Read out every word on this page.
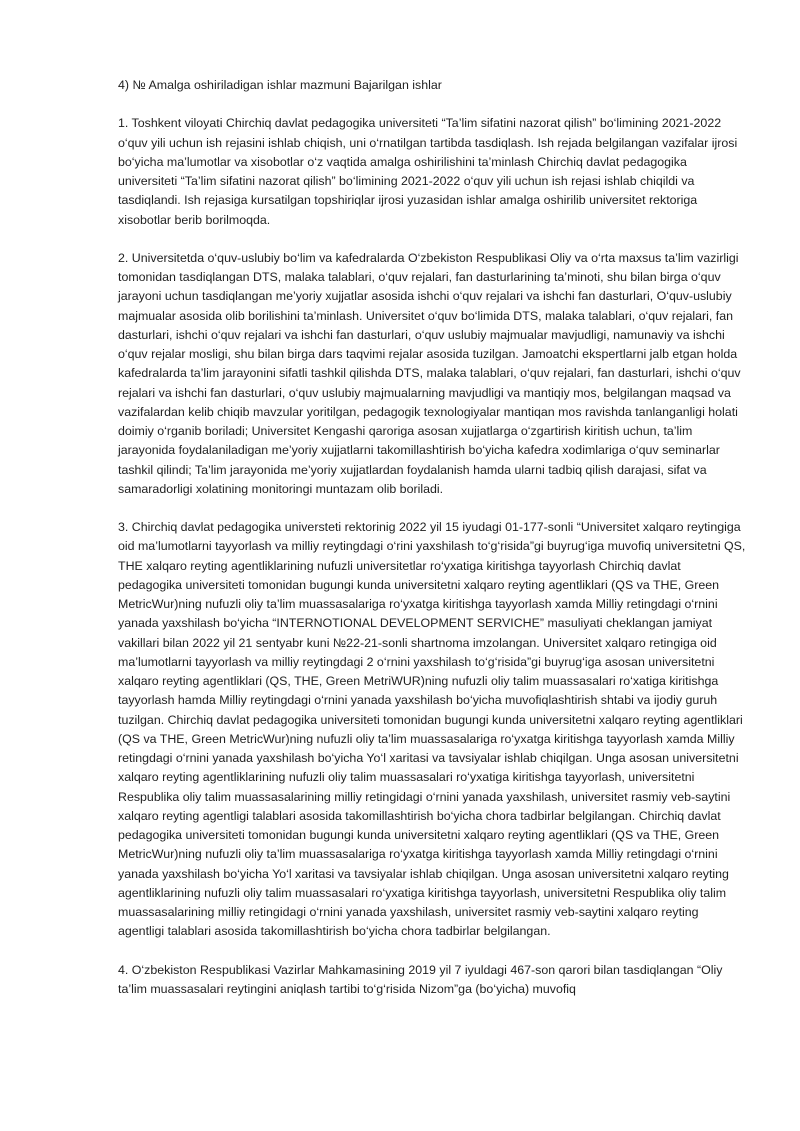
4) № Amalga oshiriladigan ishlar mazmuni Bajarilgan ishlar

1. Toshkent viloyati Chirchiq davlat pedagogika universiteti “Ta’lim sifatini nazorat qilish” bo‘limining 2021-2022 o‘quv yili uchun ish rejasini ishlab chiqish, uni o‘rnatilgan tartibda tasdiqlash. Ish rejada belgilangan vazifalar ijrosi bo‘yicha ma’lumotlar va xisobotlar o‘z vaqtida amalga oshirilishini ta’minlash Chirchiq davlat pedagogika universiteti “Ta’lim sifatini nazorat qilish” bo‘limining 2021-2022 o‘quv yili uchun ish rejasi ishlab chiqildi va tasdiqlandi. Ish rejasiga kursatilgan topshiriqlar ijrosi yuzasidan ishlar amalga oshirilib universitet rektoriga xisobotlar berib borilmoqda.

2. Universitetda o‘quv-uslubiy bo‘lim va kafedralarda O‘zbekiston Respublikasi Oliy va o‘rta maxsus ta’lim vazirligi tomonidan tasdiqlangan DTS, malaka talablari, o‘quv rejalari, fan dasturlarining ta’minoti, shu bilan birga o‘quv jarayoni uchun tasdiqlangan me’yoriy xujjatlar asosida ishchi o‘quv rejalari va ishchi fan dasturlari, O‘quv-uslubiy majmualar asosida olib borilishini ta’minlash. Universitet o‘quv bo‘limida DTS, malaka talablari, o‘quv rejalari, fan dasturlari, ishchi o‘quv rejalari va ishchi fan dasturlari, o‘quv uslubiy majmualar mavjudligi, namunaviy va ishchi o‘quv rejalar mosligi, shu bilan birga dars taqvimi rejalar asosida tuzilgan. Jamoatchi ekspertlarni jalb etgan holda kafedralarda ta’lim jarayonini sifatli tashkil qilishda DTS, malaka talablari, o‘quv rejalari, fan dasturlari, ishchi o‘quv rejalari va ishchi fan dasturlari, o‘quv uslubiy majmualarning mavjudligi va mantiqiy mos, belgilangan maqsad va vazifalardan kelib chiqib mavzular yoritilgan, pedagogik texnologiyalar mantiqan mos ravishda tanlanganligi holati doimiy o‘rganib boriladi; Universitet Kengashi qaroriga asosan xujjatlarga o‘zgartirish kiritish uchun, ta’lim jarayonida foydalaniladigan me’yoriy xujjatlarni takomillashtirish bo‘yicha kafedra xodimlariga o‘quv seminarlar tashkil qilindi; Ta’lim jarayonida me’yoriy xujjatlardan foydalanish hamda ularni tadbiq qilish darajasi, sifat va samaradorligi xolatining monitoringi muntazam olib boriladi.

3. Chirchiq davlat pedagogika universteti rektorinig 2022 yil 15 iyudagi 01-177-sonli “Universitet xalqaro reytingiga oid ma’lumotlarni tayyorlash va milliy reytingdagi o‘rini yaxshilash to‘g‘risida”gi buyrug‘iga muvofiq universitetni QS, THE xalqaro reyting agentliklarining nufuzli universitetlar ro‘yxatiga kiritishga tayyorlash Chirchiq davlat pedagogika universiteti tomonidan bugungi kunda universitetni xalqaro reyting agentliklari (QS va THE, Green MetricWur)ning nufuzli oliy ta’lim muassasalariga ro‘yxatga kiritishga tayyorlash xamda Milliy retingdagi o‘rnini yanada yaxshilash bo‘yicha “INTERNOTIONAL DEVELOPMENT SERVICHE” masuliyati cheklangan jamiyat vakillari bilan 2022 yil 21 sentyabr kuni №22-21-sonli shartnoma imzolangan. Universitet xalqaro retingiga oid ma’lumotlarni tayyorlash va milliy reytingdagi 2 o‘rnini yaxshilash to‘g‘risida”gi buyrug‘iga asosan universitetni xalqaro reyting agentliklari (QS, THE, Green MetriWUR)ning nufuzli oliy talim muassasalari ro‘xatiga kiritishga tayyorlash hamda Milliy reytingdagi o‘rnini yanada yaxshilash bo‘yicha muvofiqlashtirish shtabi va ijodiy guruh tuzilgan. Chirchiq davlat pedagogika universiteti tomonidan bugungi kunda universitetni xalqaro reyting agentliklari (QS va THE, Green MetricWur)ning nufuzli oliy ta’lim muassasalariga ro‘yxatga kiritishga tayyorlash xamda Milliy retingdagi o‘rnini yanada yaxshilash bo‘yicha Yo‘l xaritasi va tavsiyalar ishlab chiqilgan. Unga asosan universitetni xalqaro reyting agentliklarining nufuzli oliy talim muassasalari ro‘yxatiga kiritishga tayyorlash, universitetni Respublika oliy talim muassasalarining milliy retingidagi o‘rnini yanada yaxshilash, universitet rasmiy veb-saytini xalqaro reyting agentligi talablari asosida takomillashtirish bo‘yicha chora tadbirlar belgilangan. Chirchiq davlat pedagogika universiteti tomonidan bugungi kunda universitetni xalqaro reyting agentliklari (QS va THE, Green MetricWur)ning nufuzli oliy ta’lim muassasalariga ro‘yxatga kiritishga tayyorlash xamda Milliy retingdagi o‘rnini yanada yaxshilash bo‘yicha Yo‘l xaritasi va tavsiyalar ishlab chiqilgan. Unga asosan universitetni xalqaro reyting agentliklarining nufuzli oliy talim muassasalari ro‘yxatiga kiritishga tayyorlash, universitetni Respublika oliy talim muassasalarining milliy retingidagi o‘rnini yanada yaxshilash, universitet rasmiy veb-saytini xalqaro reyting agentligi talablari asosida takomillashtirish bo‘yicha chora tadbirlar belgilangan.

4. O‘zbekiston Respublikasi Vazirlar Mahkamasining 2019 yil 7 iyuldagi 467-son qarori bilan tasdiqlangan “Oliy ta’lim muassasalari reytingini aniqlash tartibi to‘g‘risida Nizom”ga (bo‘yicha) muvofiq
